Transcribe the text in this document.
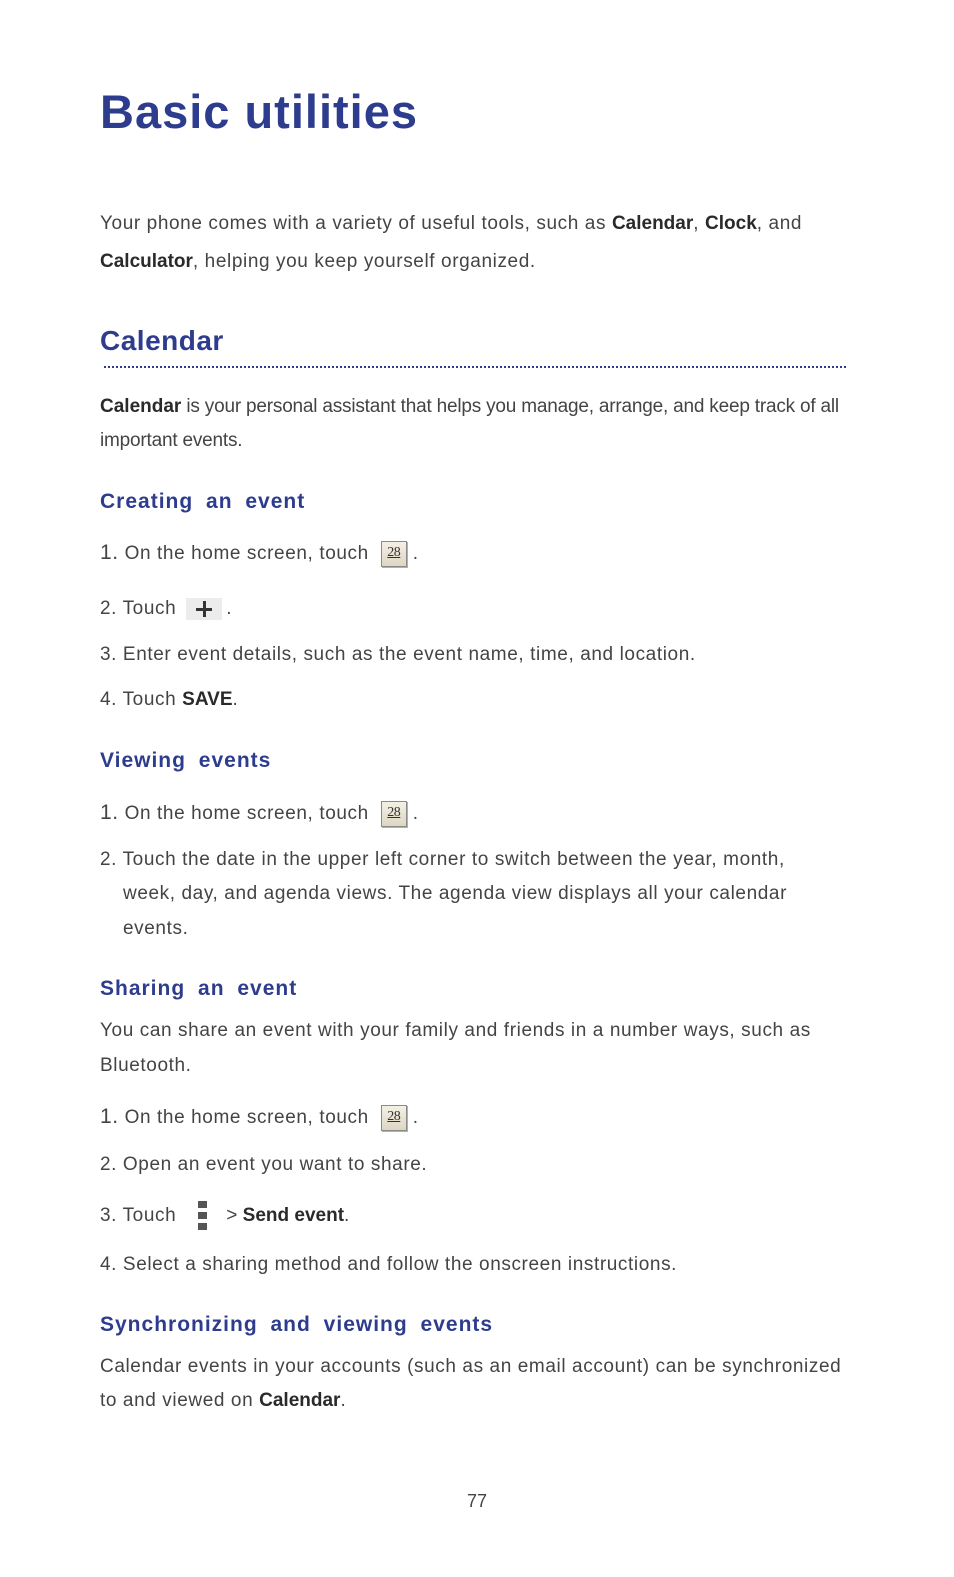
Basic utilities
Your phone comes with a variety of useful tools, such as Calendar, Clock, and
Calculator, helping you keep yourself organized.
Calendar
Calendar is your personal assistant that helps you manage, arrange, and keep track of all
important events.
Creating an event
1. On the home screen, touch	28 .
2. Touch	.
3. Enter event details, such as the event name, time, and location.
4. Touch SAVE.
Viewing events
1. On the home screen, touch	28 .
2. Touch the date in the upper left corner to switch between the year, month,
week, day, and agenda views. The agenda view displays all your calendar
events.
Sharing an event
You can share an event with your family and friends in a number ways, such as
Bluetooth.
1. On the home screen, touch	28 .
2. Open an event you want to share.
3. Touch	> Send event.
4. Select a sharing method and follow the onscreen instructions.
Synchronizing and viewing events
Calendar events in your accounts (such as an email account) can be synchronized
to and viewed on Calendar.
77
